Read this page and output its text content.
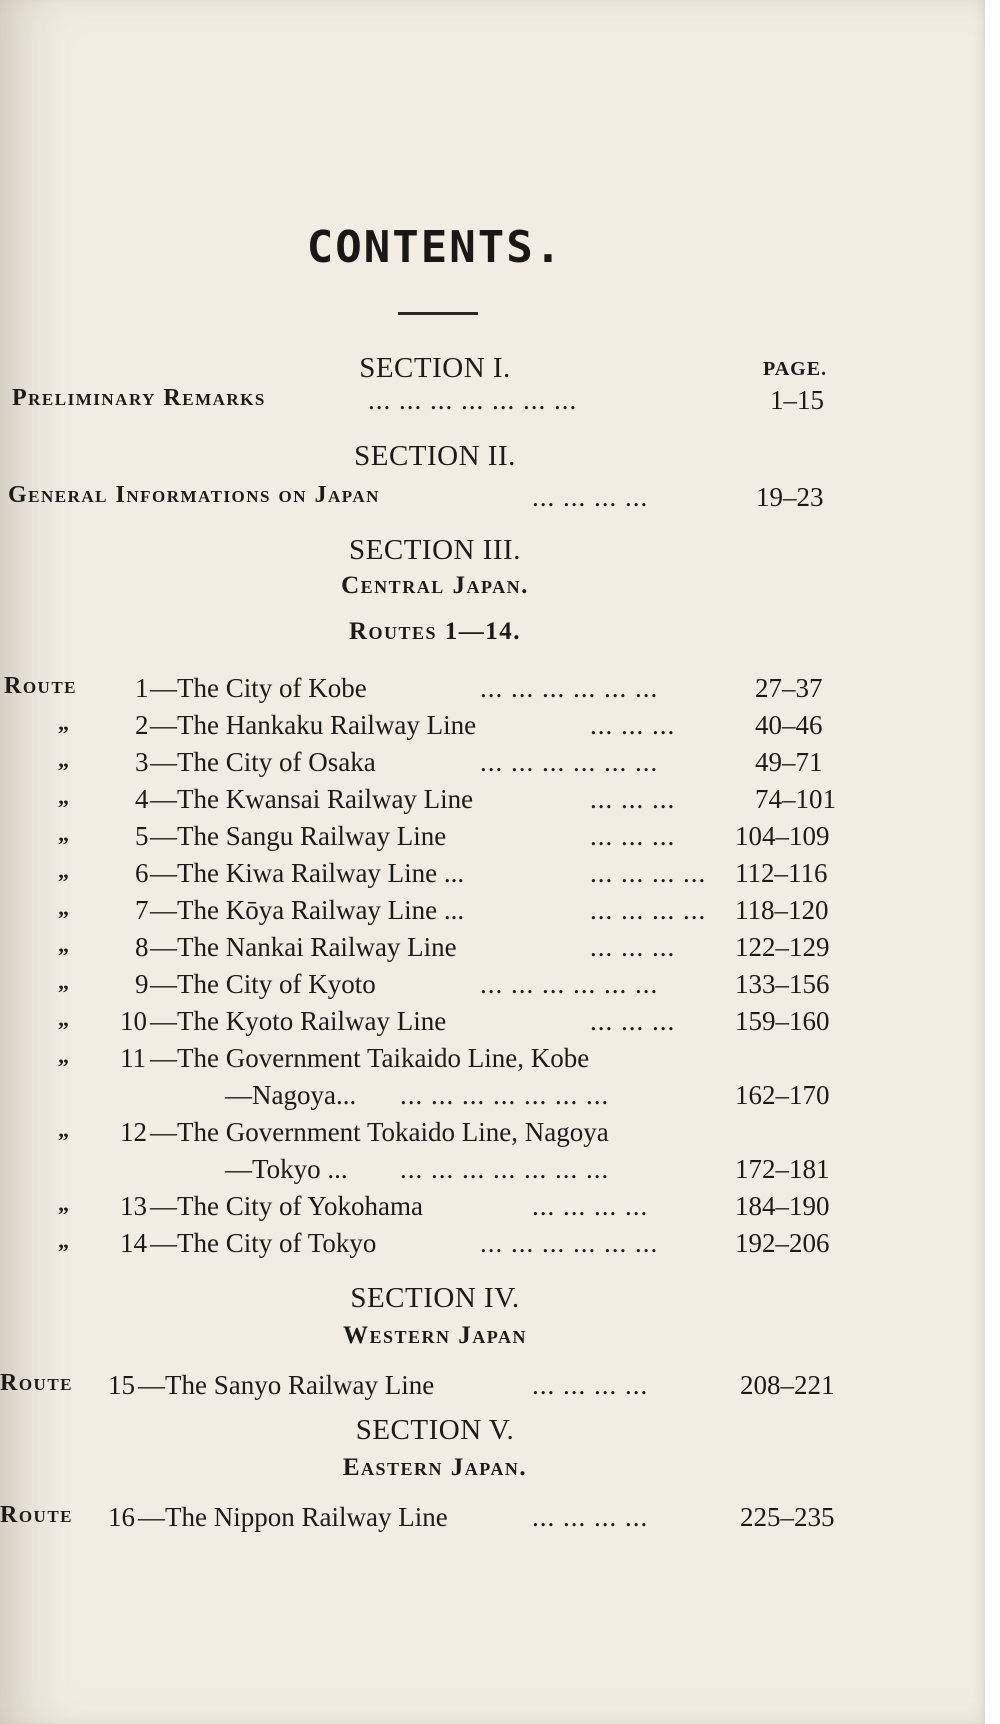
CONTENTS.
SECTION I.	PAGE.
Preliminary Remarks	... ... ... ... ... ... ...	1–15
SECTION II.
General Informations on Japan	... ... ... ...	19–23
SECTION III.
Central Japan.
Routes 1—14.
Route 1 —The City of Kobe	... ... ... ... ... ...	27–37
„ 2 —The Hankaku Railway Line	... ... ...	40–46
„ 3 —The City of Osaka	... ... ... ... ... ...	49–71
„ 4 —The Kwansai Railway Line	... ... ...	74–101
„ 5 —The Sangu Railway Line	... ... ... 104–109
„ 6 —The Kiwa Railway Line ...	... ... ... ... 112–116
„ 7 —The Kōya Railway Line ...	... ... ... ... 118–120
„ 8 —The Nankai Railway Line	... ... ... 122–129
„ 9 —The City of Kyoto	... ... ... ... ... ...	133–156
„ 10 —The Kyoto Railway Line	... ... ... 159–160
„ 11 —The Government Taikaido Line, Kobe
—Nagoya... ... ... ... ... ... ... ...	162–170
„ 12 —The Government Tokaido Line, Nagoya
—Tokyo ... ... ... ... ... ... ... ...	172–181
„ 13 —The City of Yokohama	... ... ... ...	184–190
„ 14 —The City of Tokyo	... ... ... ... ... ...	192–206
SECTION IV.
Western Japan
Route 15 —The Sanyo Railway Line	... ... ... ...	208–221
SECTION V.
Eastern Japan.
Route 16 —The Nippon Railway Line	... ... ... ...	225–235
